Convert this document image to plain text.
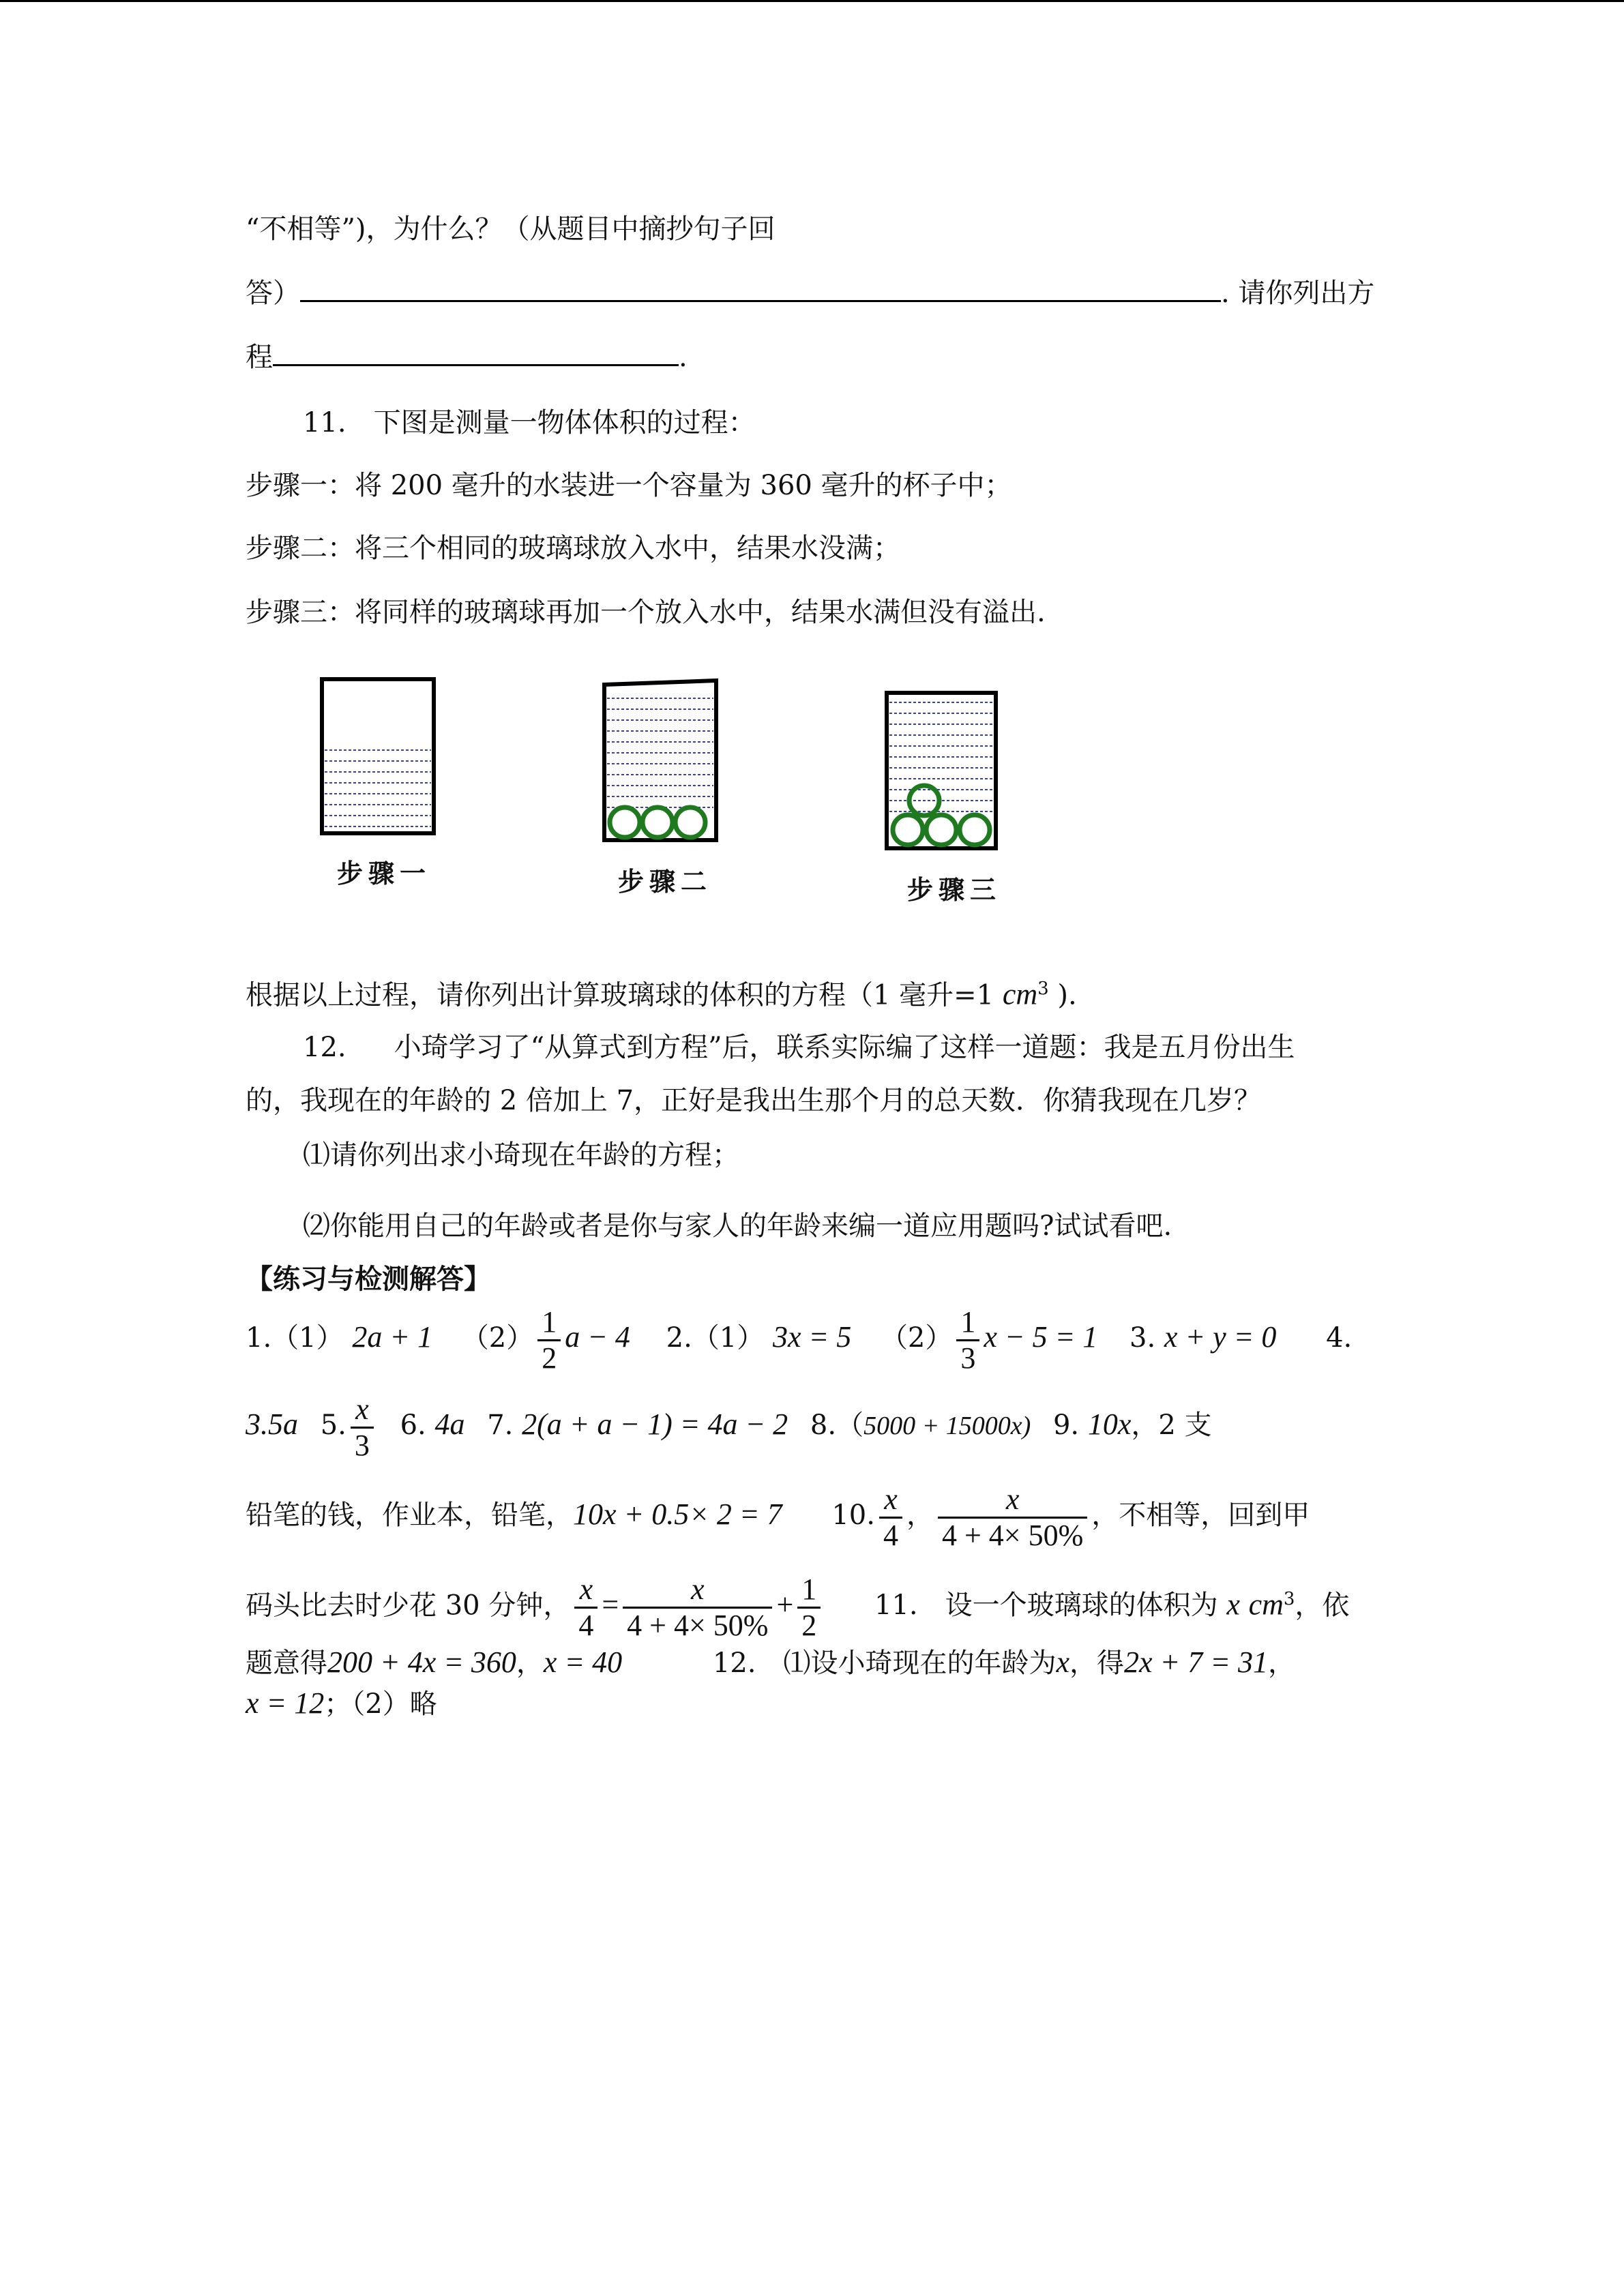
“不相等”)，为什么？（从题目中摘抄句子回
答）	. 请你列出方
程	.
11.　下图是测量一物体体积的过程：
步骤一：将 200 毫升的水装进一个容量为 360 毫升的杯子中；
步骤二：将三个相同的玻璃球放入水中，结果水没满；
步骤三：将同样的玻璃球再加一个放入水中，结果水满但没有溢出.
步骤一	步骤二	步骤三
根据以上过程，请你列出计算玻璃球的体积的方程（1 毫升=1 $cm^3$ ).
12. 小琦学习了“从算式到方程”后，联系实际编了这样一道题：我是五月份出生
的，我现在的年龄的 2 倍加上 7，正好是我出生那个月的总天数．你猜我现在几岁？
⑴请你列出求小琦现在年龄的方程；
⑵你能用自己的年龄或者是你与家人的年龄来编一道应用题吗?试试看吧.
【练习与检测解答】
1.（1） 2a + 1 $(2) \frac{1}{2}$ a − 4 2.（1） 3x = 5 $(2) \frac{1}{3}$ x − 5 = 1 3. x + y = 0 4.
3.5a 5. $\frac{x}{3} 6$. 4a 7. 2(a + a − 1) = 4a − 2 8.（5000 + 15000x) 9. 10x，2 支
铅笔的钱，作业本，铅笔，10x + 0.5× 2 = 7 10. $\frac{x}{4}$ ， $\frac{x}{4 + 4\times 50\%}$ ，不相等，回到甲
码头比去时少花 30 分钟， $\frac{x}{4} = \frac{x}{4 + 4\times 50\%} + \frac{1}{2} 11$.　设一个玻璃球的体积为 x $cm^3$，依
题意得200 + 4x = 360，x = 40	12.　⑴设小琦现在的年龄为x，得2x + 7 = 31，
x = 12；（2）略
